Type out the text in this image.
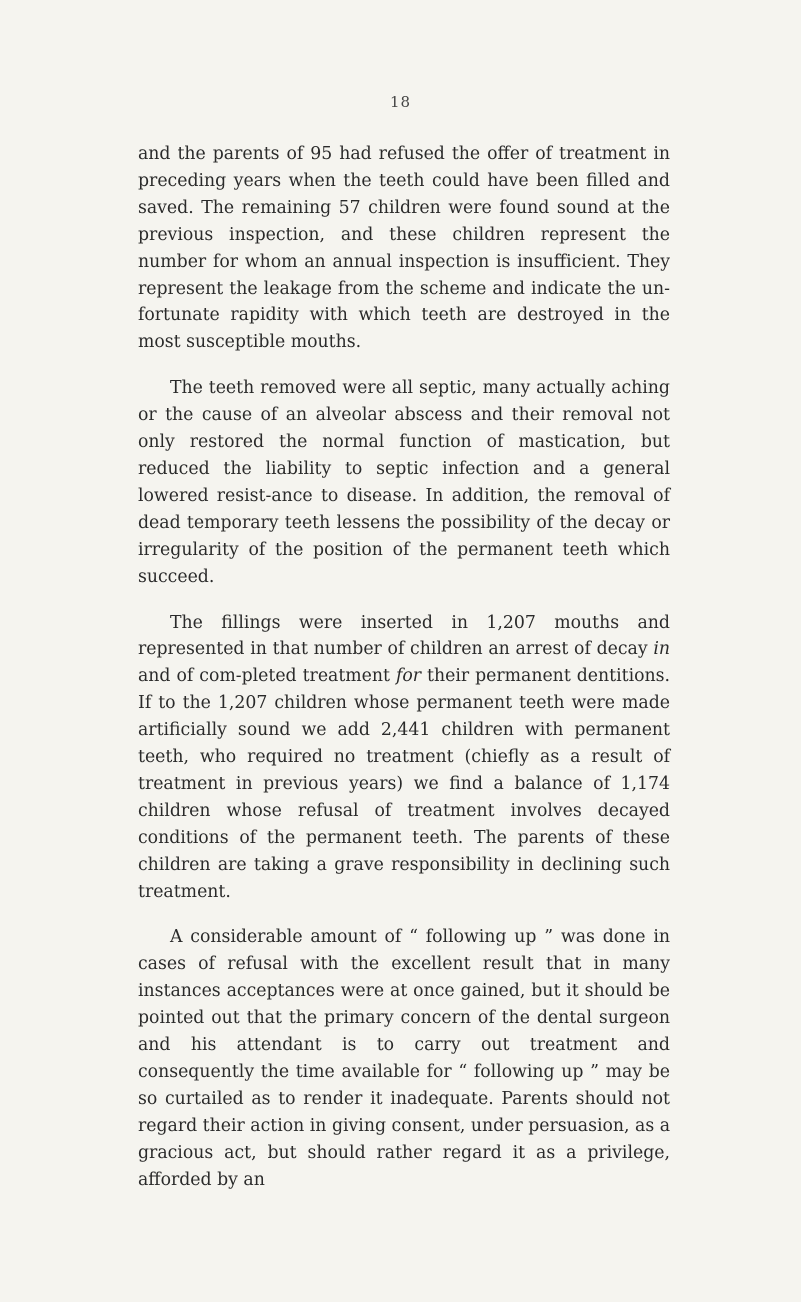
18

and the parents of 95 had refused the offer of treatment in preceding years when the teeth could have been filled and saved. The remaining 57 children were found sound at the previous inspection, and these children represent the number for whom an annual inspection is insufficient. They represent the leakage from the scheme and indicate the un-fortunate rapidity with which teeth are destroyed in the most susceptible mouths.

The teeth removed were all septic, many actually aching or the cause of an alveolar abscess and their removal not only restored the normal function of mastication, but reduced the liability to septic infection and a general lowered resist-ance to disease. In addition, the removal of dead temporary teeth lessens the possibility of the decay or irregularity of the position of the permanent teeth which succeed.

The fillings were inserted in 1,207 mouths and represented in that number of children an arrest of decay in and of com-pleted treatment for their permanent dentitions. If to the 1,207 children whose permanent teeth were made artificially sound we add 2,441 children with permanent teeth, who required no treatment (chiefly as a result of treatment in previous years) we find a balance of 1,174 children whose refusal of treatment involves decayed conditions of the permanent teeth. The parents of these children are taking a grave responsibility in declining such treatment.

A considerable amount of “ following up ” was done in cases of refusal with the excellent result that in many instances acceptances were at once gained, but it should be pointed out that the primary concern of the dental surgeon and his attendant is to carry out treatment and consequently the time available for “ following up ” may be so curtailed as to render it inadequate. Parents should not regard their action in giving consent, under persuasion, as a gracious act, but should rather regard it as a privilege, afforded by an
